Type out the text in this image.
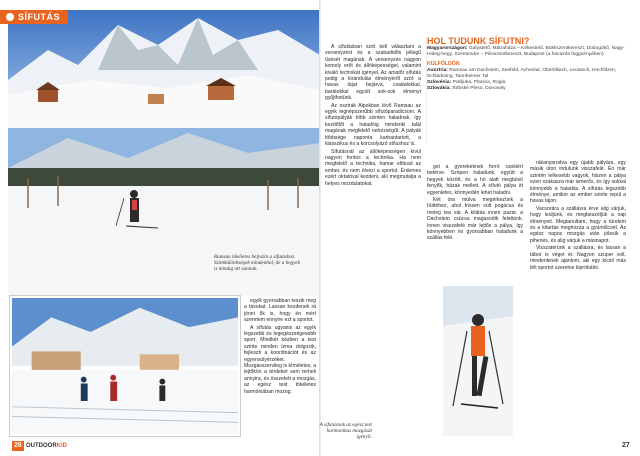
SÍFUTÁS
Ramsau tökéletes helyszín a sífutáshoz. Szintkülönbségek mindenhol, de a hegyek is mindig ott vannak.

egyik gyorsabban teszik meg a távokat. Lassan kezdenek rá jönni ők is, hogy én mért szeretem ennyire ezt a sportot.

A sífutás ugyanis az egyik legszebb és legegészségesebb sport. Mindkét kézben a test szinte minden izma dolgozik, fejleszti a koordinációt és az egyensúlyérzéket. Mozgásszervileg is kíméletes, a lejtőkön a térdeket sem terheli annyira, és összetett a mozgás, az egész test tökéletes harmóniában mozog.

26 OUTDOORKID

A sífutásban szét kell választani a versenyzést és a szabadidős jellegű űzését magának. A versenyzés nagyon komoly erőt és állóképességet, valamint kiváló technikát igényel. Az amatőr sífutás pedig a kirándulás élményéről szól: a havas tájat bejárva, családokkal, barátokkal együtt sok-sok élményt gyűjthetünk.

Az osztrák Alpokban lévő Ramsau az egyik legnépszerűbb sífutóparadicsom. A sífutópályák több szinten haladnak, így kezdőtől a haladóig mindenki talál magának megfelelő nehézségűt. A pályák többsége naponta karbantartott, a klasszikus és a korcsolyázó stílushoz is.

Sífutásnál az állóképességen kívül nagyon fontos a technika. Ha nem megfelelő a technika, hamar elfárad az ember, és nem élvezi a sportot. Érdemes ezért oktatóval kezdeni, aki megmutatja a helyes mozdulatokat.

HOL TUDUNK SÍFUTNI?
Magyarországon: Galyatető, Mátraháza – Kékestető, Bükkszentkereszt, Dobogókő, Nagy-Hideg-hegy, Szentendre – Pilisszentkereszt, Budapest (a havazás függvényében)
KÜLFÖLDÖN
Ausztria: Ramsau am Dachstein, Seefeld, Achental, Obertilliach, Leutasch, Hochfilzen, Schladming, Tannheimer Tal
Szlovénia: Pokljuka, Planica, Rogla
Szlovákia: Štrbské Pleso, Donovaly

gel a gyerekeknek forró csokiért betérve. Szépen haladunk, együtt a hegyek között, és a hó alatt megbúvó fenyők, házak mellett. A sífutó pálya itt egyenletes, könnyedén lehet haladni.

Két óra múlva megérkezünk a hüttéhez, ahol frissen sült pogácsa és meleg tea vár. A kilátás innen pazar, a Dachstein csúcsa magasodik felettünk. Innen visszafelé már lejtős a pálya, így könnyebben és gyorsabban haladunk a szállás felé.

A sífutásnak az egész test harmonikus mozgását igényli.

rákanyarodva egy újabb pályára, egy másik úton indulunk visszafelé. Én már szintén lelkesebb vagyok, hiszen a pálya ezen szakasza már ismerős, és így sokkal könnyebb a haladás. A sífutás legszebb élménye, amikor az ember szinte repül a havas tájon.

Vacsorára a szállásra érve alig várjuk, hogy leüljünk, és megbeszéljük a nap élményeit. Megtanultam, hogy a türelem és a kitartás meghozza a gyümölcsét. Az egész napos mozgás után jólesik a pihenés, és alig várjuk a másnapot.

Visszatérünk a szállásra, és lassan a tábor is véget ér. Nagyon szuper volt, mindenkinek ajánlom, aki egy kicsit más téli sportot szeretne kipróbálni.

27
